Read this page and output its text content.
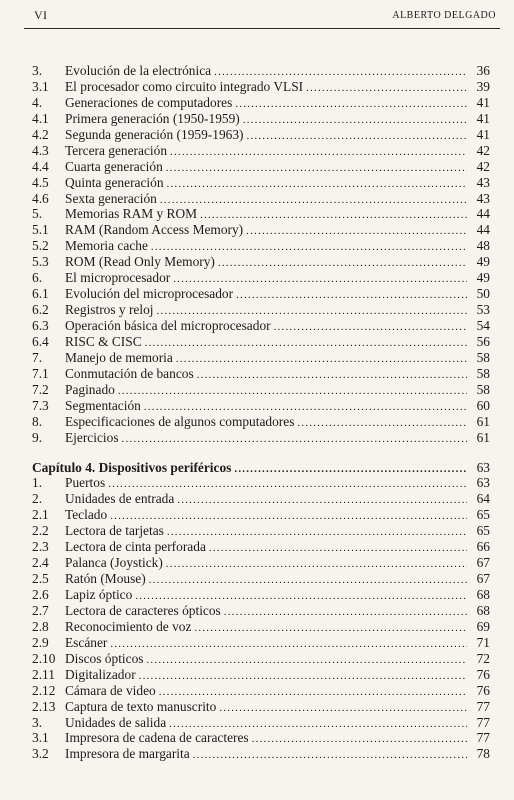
VI	ALBERTO DELGADO
3.	Evolución de la electrónica .....	36
3.1	El procesador como circuito integrado VLSI .....	39
4.	Generaciones de computadores .....	41
4.1	Primera generación (1950-1959) .....	41
4.2	Segunda generación (1959-1963) .....	41
4.3	Tercera generación .....	42
4.4	Cuarta generación .....	42
4.5	Quinta generación .....	43
4.6	Sexta generación .....	43
5.	Memorias RAM y ROM .....	44
5.1	RAM (Random Access Memory) .....	44
5.2	Memoria cache .....	48
5.3	ROM (Read Only Memory) .....	49
6.	El microprocesador .....	49
6.1	Evolución del microprocesador .....	50
6.2	Registros y reloj .....	53
6.3	Operación básica del microprocesador .....	54
6.4	RISC & CISC .....	56
7.	Manejo de memoria .....	58
7.1	Conmutación de bancos .....	58
7.2	Paginado .....	58
7.3	Segmentación .....	60
8.	Especificaciones de algunos computadores .....	61
9.	Ejercicios .....	61
Capítulo 4. Dispositivos periféricos .....	63
1.	Puertos .....	63
2.	Unidades de entrada .....	64
2.1	Teclado .....	65
2.2	Lectora de tarjetas .....	65
2.3	Lectora de cinta perforada .....	66
2.4	Palanca (Joystick) .....	67
2.5	Ratón (Mouse) .....	67
2.6	Lapiz óptico .....	68
2.7	Lectora de caracteres ópticos .....	68
2.8	Reconocimiento de voz .....	69
2.9	Escáner .....	71
2.10 Discos ópticos .....	72
2.11 Digitalizador .....	76
2.12 Cámara de video .....	76
2.13 Captura de texto manuscrito .....	77
3.	Unidades de salida .....	77
3.1	Impresora de cadena de caracteres .....	77
3.2	Impresora de margarita .....	78
